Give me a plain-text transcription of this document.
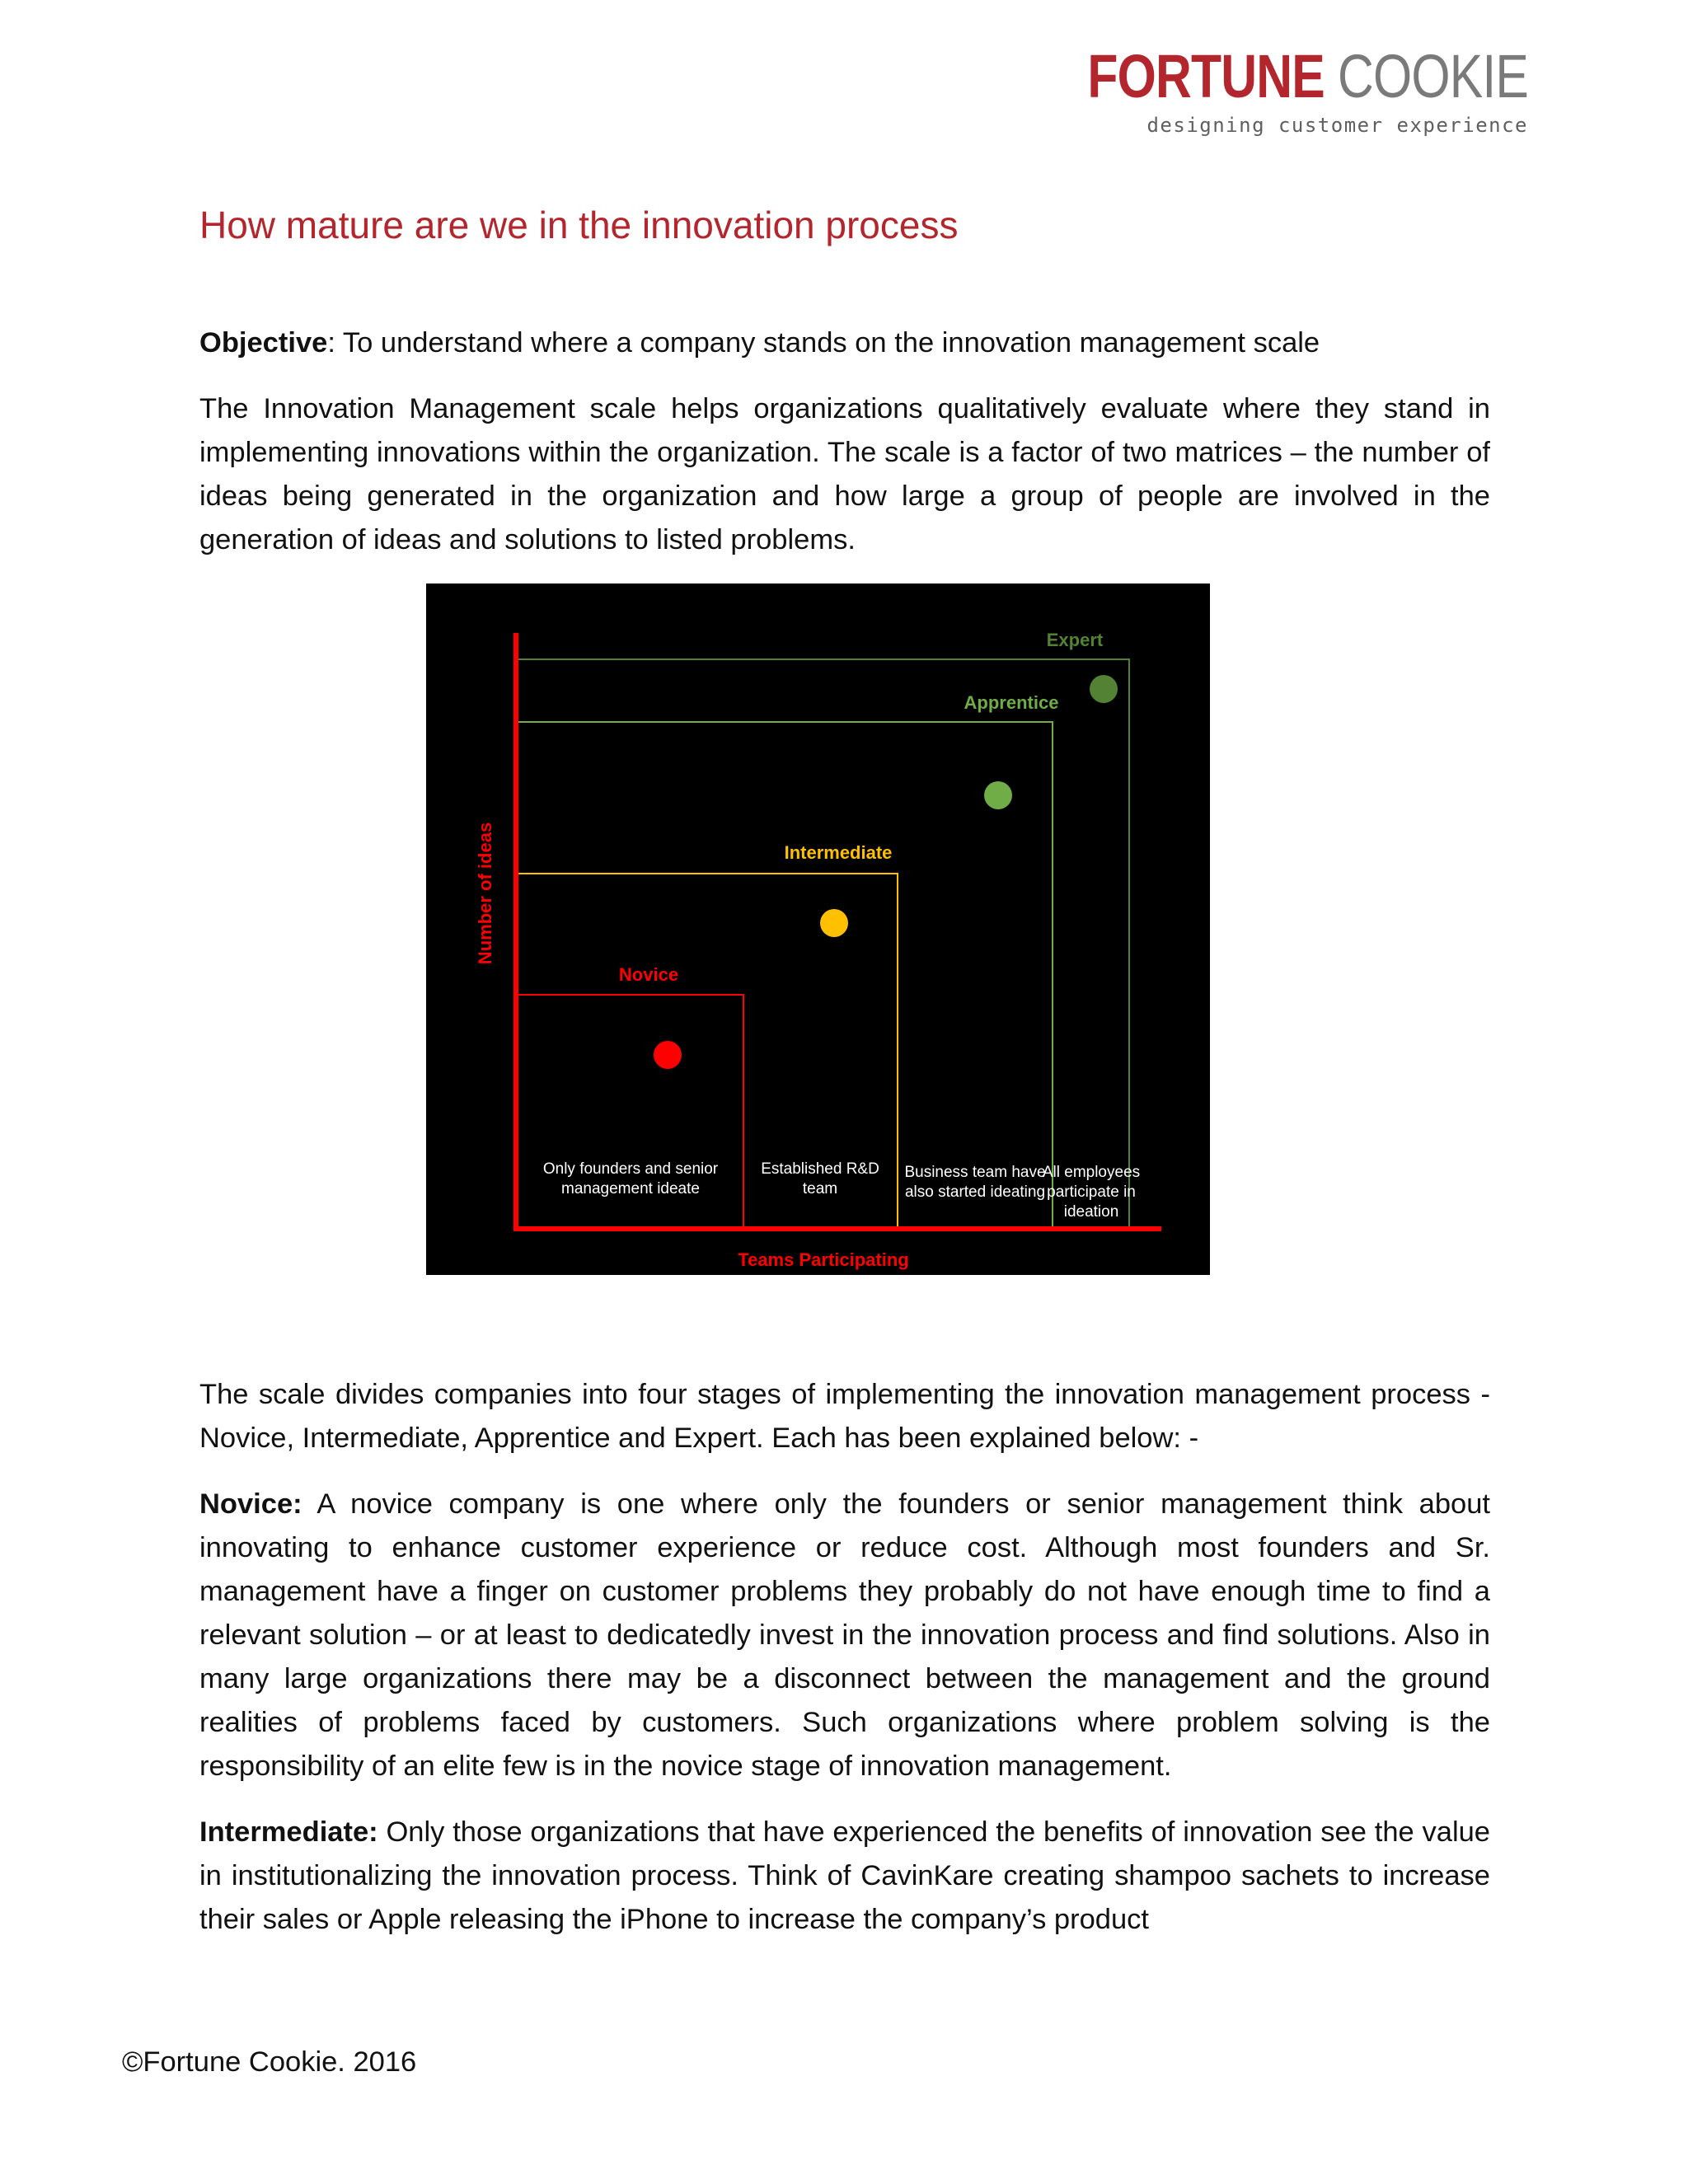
FORTUNE COOKIE
designing customer experience
How mature are we in the innovation process

Objective: To understand where a company stands on the innovation management scale

The Innovation Management scale helps organizations qualitatively evaluate where they stand in implementing innovations within the organization. The scale is a factor of two matrices – the number of ideas being generated in the organization and how large a group of people are involved in the generation of ideas and solutions to listed problems.

Novice
Only founders and senior
management ideate
Intermediate
Established R&D
team
Apprentice
Business team have
also started ideating
Expert
All employees
participate in
ideation
Teams Participating
Number of ideas

The scale divides companies into four stages of implementing the innovation management process - Novice, Intermediate, Apprentice and Expert. Each has been explained below: -

Novice: A novice company is one where only the founders or senior management think about innovating to enhance customer experience or reduce cost. Although most founders and Sr. management have a finger on customer problems they probably do not have enough time to find a relevant solution – or at least to dedicatedly invest in the innovation process and find solutions. Also in many large organizations there may be a disconnect between the management and the ground realities of problems faced by customers. Such organizations where problem solving is the responsibility of an elite few is in the novice stage of innovation management.

Intermediate: Only those organizations that have experienced the benefits of innovation see the value in institutionalizing the innovation process. Think of CavinKare creating shampoo sachets to increase their sales or Apple releasing the iPhone to increase the company’s product

©Fortune Cookie. 2016
